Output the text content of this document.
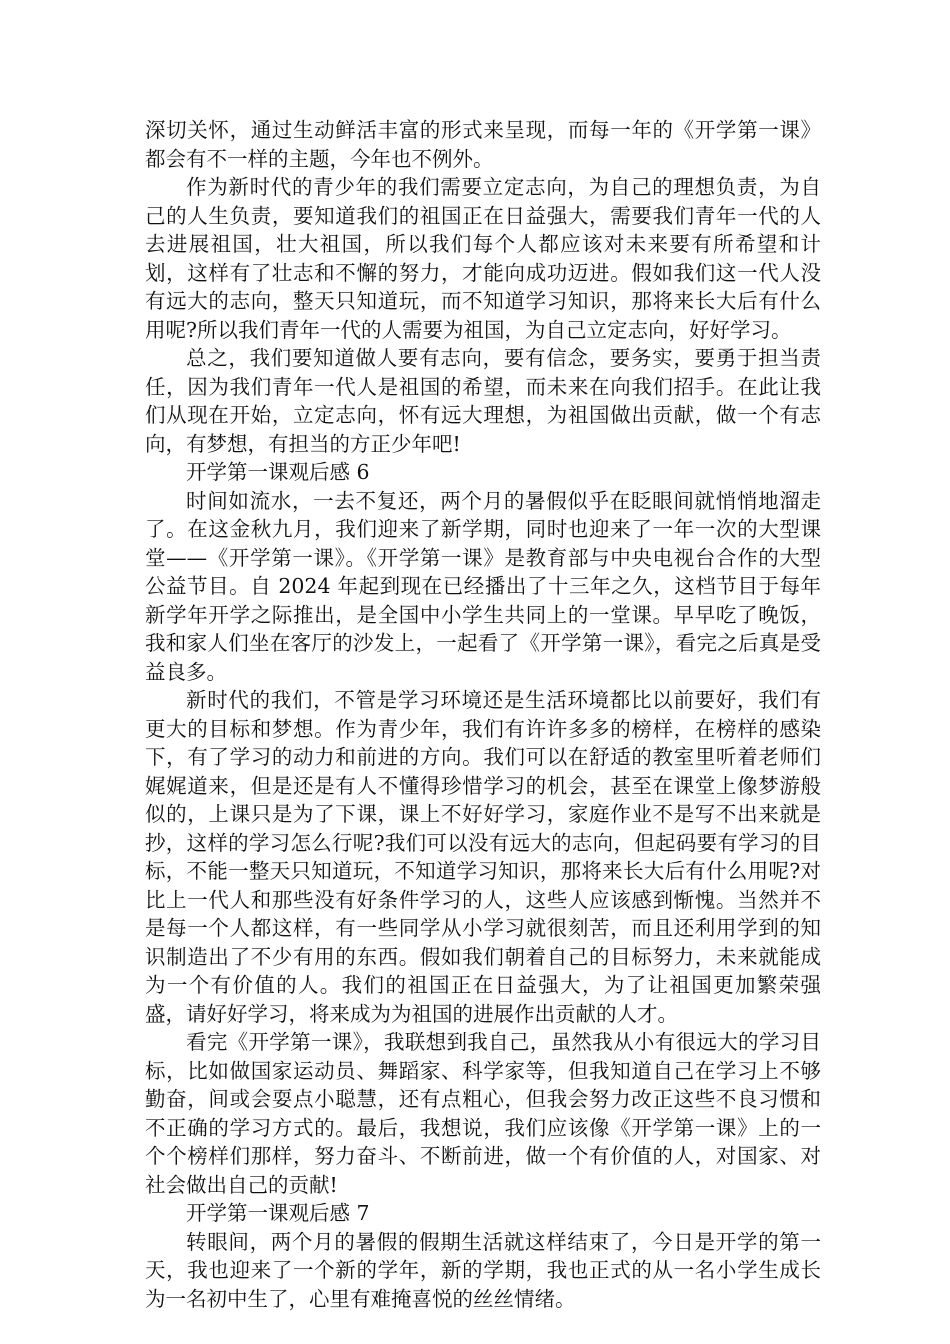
深切关怀，通过生动鲜活丰富的形式来呈现，而每一年的《开学第一课》都会有不一样的主题，今年也不例外。

作为新时代的青少年的我们需要立定志向，为自己的理想负责，为自己的人生负责，要知道我们的祖国正在日益强大，需要我们青年一代的人去进展祖国，壮大祖国，所以我们每个人都应该对未来要有所希望和计划，这样有了壮志和不懈的努力，才能向成功迈进。假如我们这一代人没有远大的志向，整天只知道玩，而不知道学习知识，那将来长大后有什么用呢?所以我们青年一代的人需要为祖国，为自己立定志向，好好学习。

总之，我们要知道做人要有志向，要有信念，要务实，要勇于担当责任，因为我们青年一代人是祖国的希望，而未来在向我们招手。在此让我们从现在开始，立定志向，怀有远大理想，为祖国做出贡献，做一个有志向，有梦想，有担当的方正少年吧!

开学第一课观后感 6

时间如流水，一去不复还，两个月的暑假似乎在眨眼间就悄悄地溜走了。在这金秋九月，我们迎来了新学期，同时也迎来了一年一次的大型课堂——《开学第一课》。《开学第一课》是教育部与中央电视台合作的大型公益节目。自 2024 年起到现在已经播出了十三年之久，这档节目于每年新学年开学之际推出，是全国中小学生共同上的一堂课。早早吃了晚饭，我和家人们坐在客厅的沙发上，一起看了《开学第一课》，看完之后真是受益良多。

新时代的我们，不管是学习环境还是生活环境都比以前要好，我们有更大的目标和梦想。作为青少年，我们有许许多多的榜样，在榜样的感染下，有了学习的动力和前进的方向。我们可以在舒适的教室里听着老师们娓娓道来，但是还是有人不懂得珍惜学习的机会，甚至在课堂上像梦游般似的，上课只是为了下课，课上不好好学习，家庭作业不是写不出来就是抄，这样的学习怎么行呢?我们可以没有远大的志向，但起码要有学习的目标，不能一整天只知道玩，不知道学习知识，那将来长大后有什么用呢?对比上一代人和那些没有好条件学习的人，这些人应该感到惭愧。当然并不是每一个人都这样，有一些同学从小学习就很刻苦，而且还利用学到的知识制造出了不少有用的东西。假如我们朝着自己的目标努力，未来就能成为一个有价值的人。我们的祖国正在日益强大，为了让祖国更加繁荣强盛，请好好学习，将来成为为祖国的进展作出贡献的人才。

看完《开学第一课》，我联想到我自己，虽然我从小有很远大的学习目标，比如做国家运动员、舞蹈家、科学家等，但我知道自己在学习上不够勤奋，间或会耍点小聪慧，还有点粗心，但我会努力改正这些不良习惯和不正确的学习方式的。最后，我想说，我们应该像《开学第一课》上的一个个榜样们那样，努力奋斗、不断前进，做一个有价值的人，对国家、对社会做出自己的贡献!

开学第一课观后感 7

转眼间，两个月的暑假的假期生活就这样结束了，今日是开学的第一天，我也迎来了一个新的学年，新的学期，我也正式的从一名小学生成长为一名初中生了，心里有难掩喜悦的丝丝情绪。
